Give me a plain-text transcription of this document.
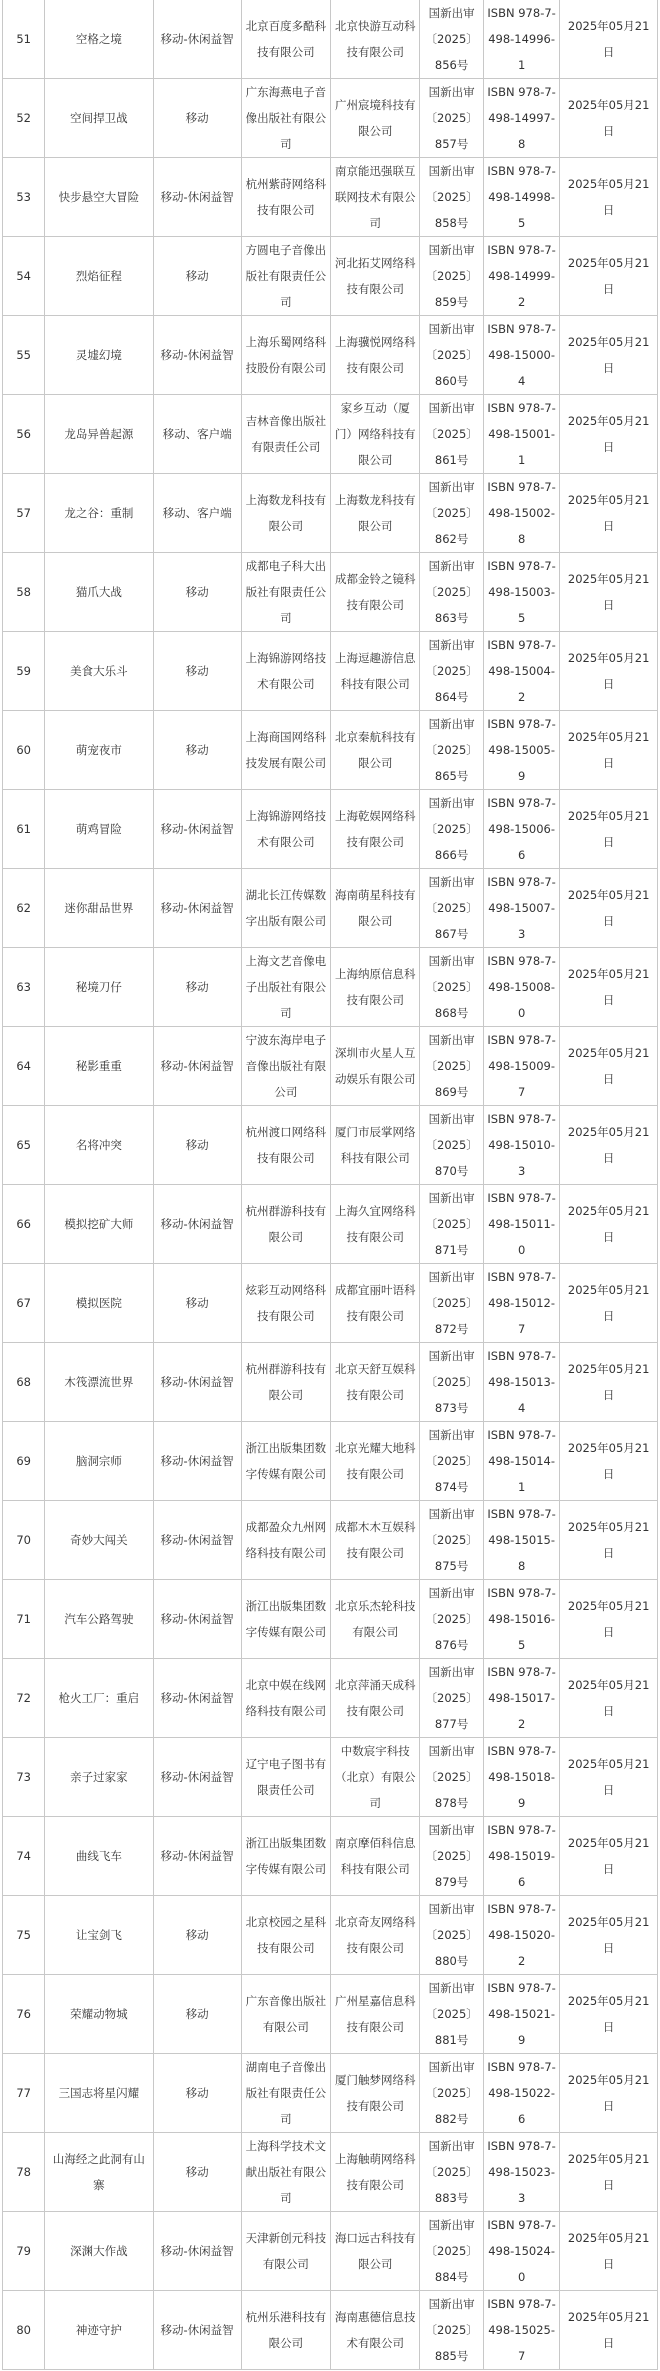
51	空格之境	移动-休闲益智	北京百度多酷科技有限公司	北京快游互动科技有限公司	国新出审〔2025〕856号	ISBN 978-7-498-14996-1	2025年05月21日
52	空间捍卫战	移动	广东海燕电子音像出版社有限公司	广州宸境科技有限公司	国新出审〔2025〕857号	ISBN 978-7-498-14997-8	2025年05月21日
53	快步悬空大冒险	移动-休闲益智	杭州紫莳网络科技有限公司	南京能迅强联互联网技术有限公司	国新出审〔2025〕858号	ISBN 978-7-498-14998-5	2025年05月21日
54	烈焰征程	移动	方圆电子音像出版社有限责任公司	河北拓艾网络科技有限公司	国新出审〔2025〕859号	ISBN 978-7-498-14999-2	2025年05月21日
55	灵墟幻境	移动-休闲益智	上海乐蜀网络科技股份有限公司	上海骥悦网络科技有限公司	国新出审〔2025〕860号	ISBN 978-7-498-15000-4	2025年05月21日
56	龙岛异兽起源	移动、客户端	吉林音像出版社有限责任公司	家乡互动（厦门）网络科技有限公司	国新出审〔2025〕861号	ISBN 978-7-498-15001-1	2025年05月21日
57	龙之谷：重制	移动、客户端	上海数龙科技有限公司	上海数龙科技有限公司	国新出审〔2025〕862号	ISBN 978-7-498-15002-8	2025年05月21日
58	猫爪大战	移动	成都电子科大出版社有限责任公司	成都金铃之镜科技有限公司	国新出审〔2025〕863号	ISBN 978-7-498-15003-5	2025年05月21日
59	美食大乐斗	移动	上海锦游网络技术有限公司	上海逗趣游信息科技有限公司	国新出审〔2025〕864号	ISBN 978-7-498-15004-2	2025年05月21日
60	萌宠夜市	移动	上海商国网络科技发展有限公司	北京秦航科技有限公司	国新出审〔2025〕865号	ISBN 978-7-498-15005-9	2025年05月21日
61	萌鸡冒险	移动-休闲益智	上海锦游网络技术有限公司	上海乾娱网络科技有限公司	国新出审〔2025〕866号	ISBN 978-7-498-15006-6	2025年05月21日
62	迷你甜品世界	移动-休闲益智	湖北长江传媒数字出版有限公司	海南萌星科技有限公司	国新出审〔2025〕867号	ISBN 978-7-498-15007-3	2025年05月21日
63	秘境刀仔	移动	上海文艺音像电子出版社有限公司	上海纳原信息科技有限公司	国新出审〔2025〕868号	ISBN 978-7-498-15008-0	2025年05月21日
64	秘影重重	移动-休闲益智	宁波东海岸电子音像出版社有限公司	深圳市火星人互动娱乐有限公司	国新出审〔2025〕869号	ISBN 978-7-498-15009-7	2025年05月21日
65	名将冲突	移动	杭州渡口网络科技有限公司	厦门市辰掌网络科技有限公司	国新出审〔2025〕870号	ISBN 978-7-498-15010-3	2025年05月21日
66	模拟挖矿大师	移动-休闲益智	杭州群游科技有限公司	上海久宜网络科技有限公司	国新出审〔2025〕871号	ISBN 978-7-498-15011-0	2025年05月21日
67	模拟医院	移动	炫彩互动网络科技有限公司	成都宜丽叶语科技有限公司	国新出审〔2025〕872号	ISBN 978-7-498-15012-7	2025年05月21日
68	木筏漂流世界	移动-休闲益智	杭州群游科技有限公司	北京天舒互娱科技有限公司	国新出审〔2025〕873号	ISBN 978-7-498-15013-4	2025年05月21日
69	脑洞宗师	移动-休闲益智	浙江出版集团数字传媒有限公司	北京光耀大地科技有限公司	国新出审〔2025〕874号	ISBN 978-7-498-15014-1	2025年05月21日
70	奇妙大闯关	移动-休闲益智	成都盈众九州网络科技有限公司	成都木木互娱科技有限公司	国新出审〔2025〕875号	ISBN 978-7-498-15015-8	2025年05月21日
71	汽车公路驾驶	移动-休闲益智	浙江出版集团数字传媒有限公司	北京乐杰轮科技有限公司	国新出审〔2025〕876号	ISBN 978-7-498-15016-5	2025年05月21日
72	枪火工厂：重启	移动-休闲益智	北京中娱在线网络科技有限公司	北京萍涌天成科技有限公司	国新出审〔2025〕877号	ISBN 978-7-498-15017-2	2025年05月21日
73	亲子过家家	移动-休闲益智	辽宁电子图书有限责任公司	中数宸宇科技（北京）有限公司	国新出审〔2025〕878号	ISBN 978-7-498-15018-9	2025年05月21日
74	曲线飞车	移动-休闲益智	浙江出版集团数字传媒有限公司	南京摩佰科信息科技有限公司	国新出审〔2025〕879号	ISBN 978-7-498-15019-6	2025年05月21日
75	让宝剑飞	移动	北京校园之星科技有限公司	北京奇友网络科技有限公司	国新出审〔2025〕880号	ISBN 978-7-498-15020-2	2025年05月21日
76	荣耀动物城	移动	广东音像出版社有限公司	广州星嘉信息科技有限公司	国新出审〔2025〕881号	ISBN 978-7-498-15021-9	2025年05月21日
77	三国志将星闪耀	移动	湖南电子音像出版社有限责任公司	厦门触梦网络科技有限公司	国新出审〔2025〕882号	ISBN 978-7-498-15022-6	2025年05月21日
78	山海经之此洞有山寨	移动	上海科学技术文献出版社有限公司	上海触萌网络科技有限公司	国新出审〔2025〕883号	ISBN 978-7-498-15023-3	2025年05月21日
79	深渊大作战	移动-休闲益智	天津新创元科技有限公司	海口远古科技有限公司	国新出审〔2025〕884号	ISBN 978-7-498-15024-0	2025年05月21日
80	神迹守护	移动-休闲益智	杭州乐港科技有限公司	海南惠德信息技术有限公司	国新出审〔2025〕885号	ISBN 978-7-498-15025-7	2025年05月21日
